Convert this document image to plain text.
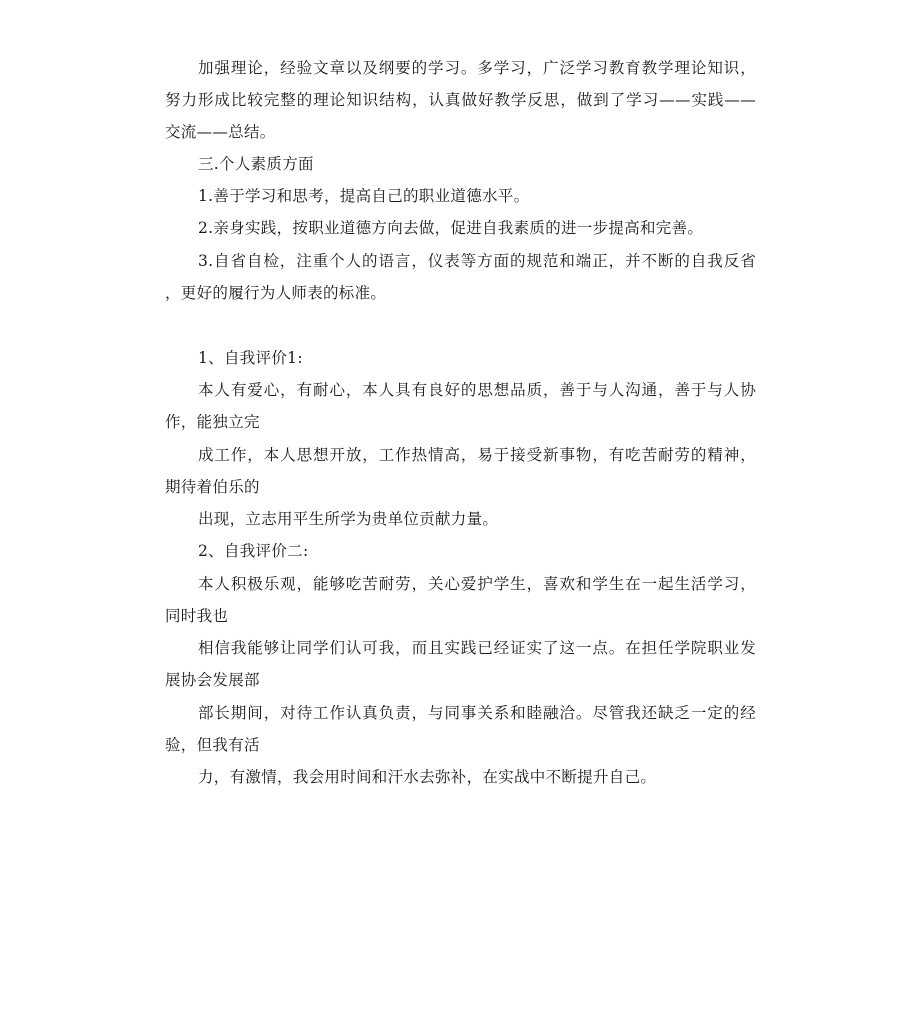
加强理论，经验文章以及纲要的学习。多学习，广泛学习教育教学理论知识，

努力形成比较完整的理论知识结构，认真做好教学反思，做到了学习——实践——

交流——总结。

三.个人素质方面

1.善于学习和思考，提高自己的职业道德水平。

2.亲身实践，按职业道德方向去做，促进自我素质的进一步提高和完善。

3.自省自检，注重个人的语言，仪表等方面的规范和端正，并不断的自我反省

，更好的履行为人师表的标准。

1、自我评价1:

本人有爱心，有耐心，本人具有良好的思想品质，善于与人沟通，善于与人协

作，能独立完

成工作，本人思想开放，工作热情高，易于接受新事物，有吃苦耐劳的精神，

期待着伯乐的

出现，立志用平生所学为贵单位贡献力量。

2、自我评价二:

本人积极乐观，能够吃苦耐劳，关心爱护学生，喜欢和学生在一起生活学习，

同时我也

相信我能够让同学们认可我，而且实践已经证实了这一点。在担任学院职业发

展协会发展部

部长期间，对待工作认真负责，与同事关系和睦融洽。尽管我还缺乏一定的经

验，但我有活

力，有激情，我会用时间和汗水去弥补，在实战中不断提升自己。
